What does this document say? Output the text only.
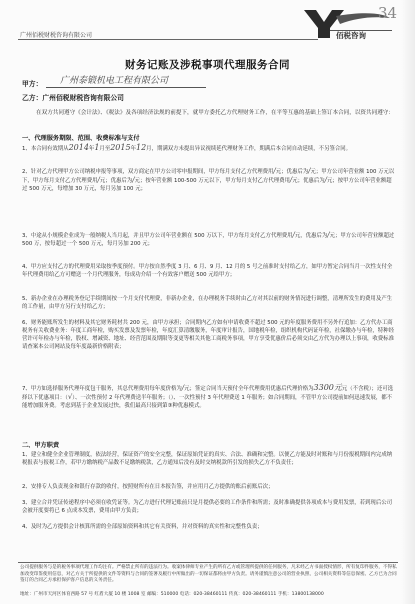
广州佰税财税咨询有限公司	佰税咨询
34
财务记账及涉税事项代理服务合同
甲方：	广州泰锻机电工程有限公司
乙方：广州佰税财税咨询有限公司
在双方共同遵守《会计法》、《税法》及各项经济法规的前提下，就甲方委托乙方代理财务工作，在平等互惠的基础上签订本合同，以资共同遵守：
一、代理服务期限、范围、收费标准与支付
1、本合同有效期从2014年1月至2015年12月，期满双方未提出异议视续延代理财务工作，期满后本合同自动延续，不另签合同。
2、针对乙方代理甲方公司纳税申报等事项，双方商定在甲方公司零申报期间，甲方每月支付乙方代理费用/元；优惠后为/元；甲方公司年营业额 100 万元以下，甲方每月支付乙方代理费用/元；优惠后为/元；按年营业额 100-500 万元以下，甲方每月支付乙方代理费用/元；优惠后为/元；按甲方公司年营业额超过 500 万元，每增加 30 万元，每月另加 100 元；
3、中途从小规模企业成为一般纳税人当月起，并且甲方公司年营业额在 500 万以下，甲方每月支付乙方代理费用/元，优惠后为/元；甲方公司年营业额超过 500 万，按每超过一个 500 万元，每月另加 200 元；
4、甲方应支付乙方的代理费用采取按季度预付。甲方按自然季度 3 月、6 月、9 月、12 月的 5 号之前准时支付给乙方，如甲方暂定合同当月一次性支付全年代理费用给乙方可赠送一个月代理服务，每成功介绍一个有效客户赠送 500 元给甲方；
5、新办企业在办理税务登记手续期间按一个月支付代理费，非新办企业，在办理税务手续时由乙方对其以前的财务情况进行调整，清理所发生的费用及产生的工作量，由甲方另行支付给乙方；
6、财务能账所发生的材料及其它财务耗材共 200 元，由甲方承担；合同期内乙方如有申请收费不超过 500 元的年度服务费用不另外行追加：乙方代办工商税务有关收费业务：年度工商年检，购买发票及发票年检，年度汇算清缴服务，年度审计报告，国地税年检，组织机构代码证年检，社保缴办与年检，特种经营许可年检办与年检，股权、增减资、地址、经营范围及期限等变更等相关其他工商税务事项，甲方享受优惠价后必须交由乙方代为办理以上事项，收费标准请查案本公司网站及每年度最新价格附表；
7、甲方如选择服务代理年度包干服务，其总代理费用每年度价格为/元；签定合同当天预付全年代理费用优惠后代理价格为3300元元（不含税）；还可选择以下优惠项目：（√）、一次性预付 2 年代理费送半年服务；（）、一次性预付 3 年代理费送 1 年服务；如合同期间，不管甲方公司提前如何迅速发展，都不能增加服务费。考虑到基于企业发展过快，我们最高只接到第③种优惠模式。
二、甲方职责
1、建立和健全企业管理制度，依法经营，保证资产的安全完整，保证原始凭证的真实、合法、准确和完整。以便乙方能及时对账和与月份报税期间内完成纳税报表与报税工作，若甲方缴纳税产品数不足缴纳税款，乙方通知后没有及时交纳税款所引发的损失乙方不负责任；
2、安排专人负责现金和银行存款的收付，按照财所有在日本报告签，并应用月乙方提供的账后前账后次；
3、建立合并凭证传递程序中必须在收凭证等。为乙方进行代理记账前只是月提供必要的工作条件和所需；及时准确提供各项成本与费用发票，若到现后公司会被开度要将已 6 点成本发票，费用由甲方负责；
4、及时为乙方提供会计核算所需的全部原始资料和其它有关资料，并对资料的真实性和完整性负责；
公司提供服务与是的税务事项代理工作均注有。严格禁止所有的违法行为。收案体律师专业产生的所有乙方或管理所提供的任何服务，凡未经乙方书面授权情形，所有复印件服务，不得私加改变印鉴使用信息，对乙方关于所提供的文件等资料与合同的签署及履行中所做出的一切保证都将由甲方负责。请务谨慎注意公司的营业执照、公司相关资料等信息保密。乙方已为合同签订的合同乙方承担保护客户信息的义务责任。
地址：广州市天河区体育西路 57 号 红盾大厦 10 楼 1008 室 邮编：510000 电话：020-38460111 传真：020-38460111 手机：13800138000
